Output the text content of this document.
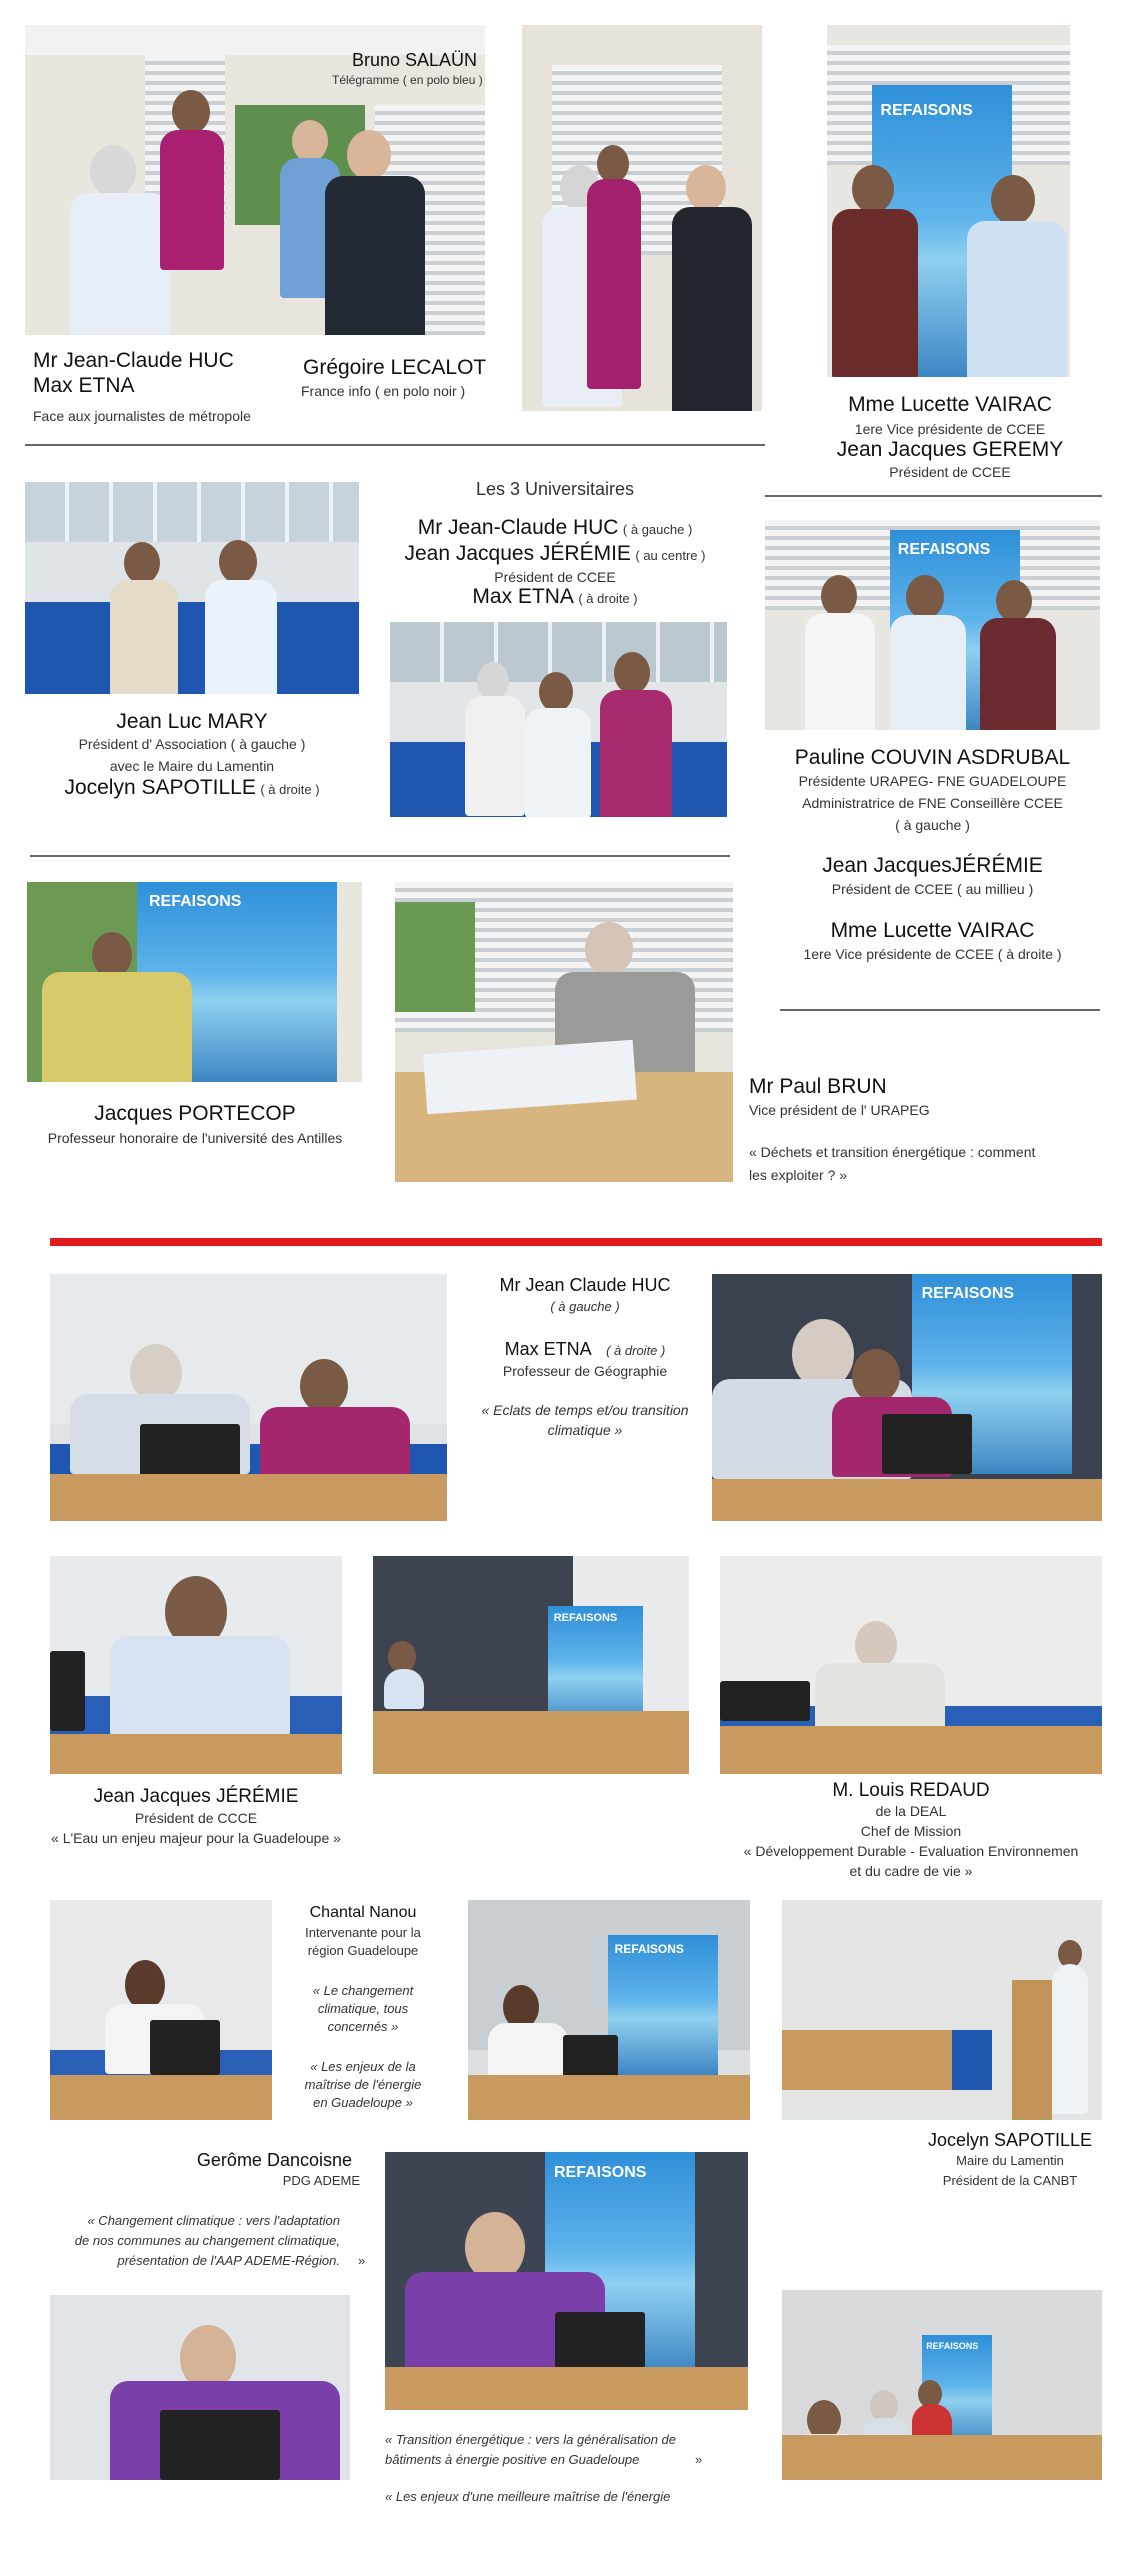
Bruno SALAÜN
Télégramme ( en polo bleu )
REFAISONS
Mr Jean-Claude HUC
Max ETNA
Face aux journalistes de métropole
Grégoire LECALOT
France info ( en polo noir )
Mme Lucette VAIRAC
1ere Vice présidente de CCEE
Jean Jacques GEREMY
Président de CCEE
Les 3 Universitaires
Mr Jean-Claude HUC ( à gauche )
Jean Jacques JÉRÉMIE ( au centre )
Président de CCEE
Max ETNA ( à droite )
Jean Luc MARY
Président d' Association ( à gauche )
avec le Maire du Lamentin
Jocelyn SAPOTILLE ( à droite )
REFAISONS
Pauline COUVIN ASDRUBAL
Présidente URAPEG- FNE GUADELOUPE
Administratrice de FNE Conseillère CCEE
( à gauche )
Jean JacquesJÉRÉMIE
Président de CCEE ( au millieu )
Mme Lucette VAIRAC
1ere Vice présidente de CCEE ( à droite )
REFAISONS
Jacques PORTECOP
Professeur honoraire de l'université des Antilles
Mr Paul BRUN
Vice président de l' URAPEG
« Déchets et transition énergétique : comment
les exploiter ? »
Mr Jean Claude HUC
( à gauche )
Max ETNA ( à droite )
Professeur de Géographie
« Eclats de temps et/ou transition
climatique »
REFAISONS
REFAISONS
Jean Jacques JÉRÉMIE
Président de CCCE
« L'Eau un enjeu majeur pour la Guadeloupe »
M. Louis REDAUD
de la DEAL
Chef de Mission
« Développement Durable - Evaluation Environnemen
et du cadre de vie »
Chantal Nanou
Intervenante pour la
région Guadeloupe
« Le changement
climatique, tous
concernés »
« Les enjeux de la
maîtrise de l'énergie
en Guadeloupe »
REFAISONS
Jocelyn SAPOTILLE
Maire du Lamentin
Président de la CANBT
Gerôme Dancoisne
PDG ADEME
« Changement climatique : vers l'adaptation
de nos communes au changement climatique,
présentation de l'AAP ADEME-Région. »
REFAISONS
REFAISONS
« Transition énergétique : vers la généralisation de
bâtiments à énergie positive en Guadeloupe	»
« Les enjeux d'une meilleure maîtrise de l'énergie
